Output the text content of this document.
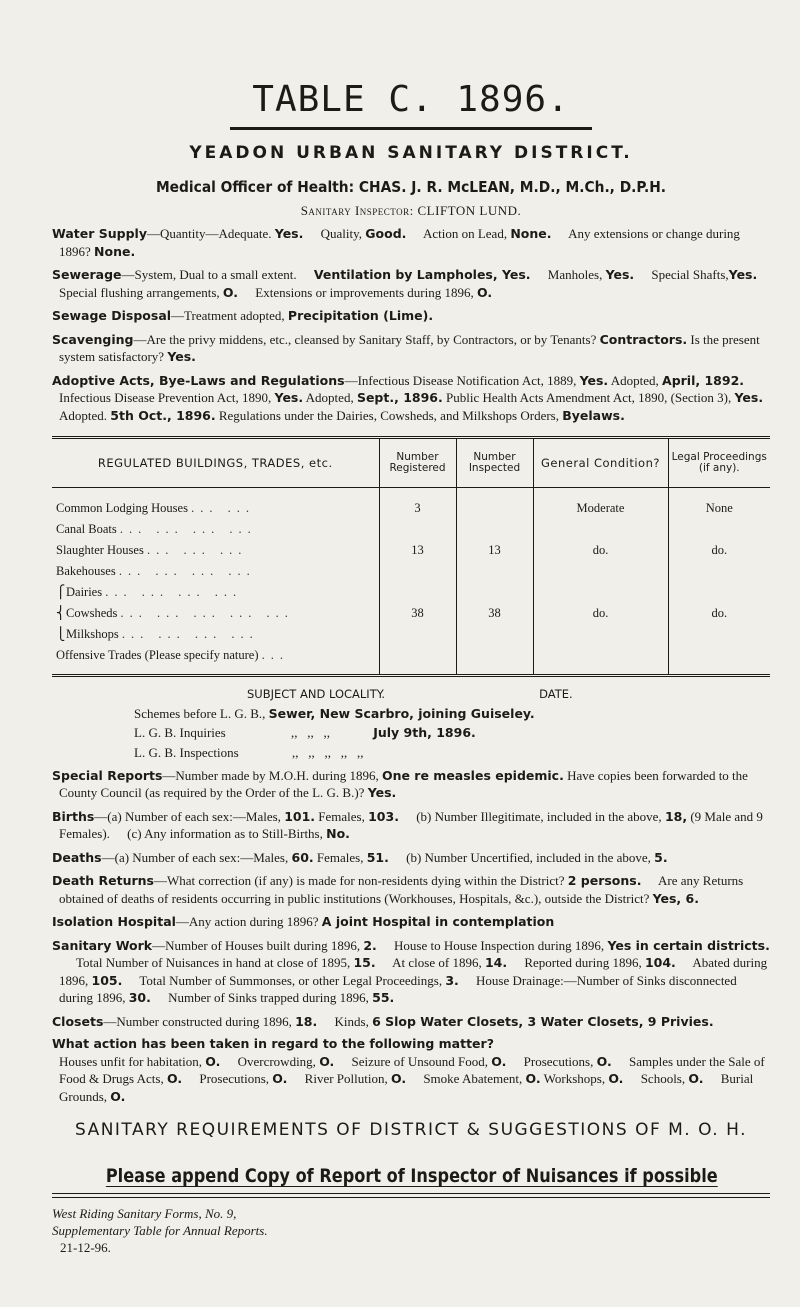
TABLE C. 1896.
YEADON URBAN SANITARY DISTRICT.
Medical Officer of Health: CHAS. J. R. McLEAN, M.D., M.Ch., D.P.H.
Sanitary Inspector: CLIFTON LUND.
Water Supply—Quantity—Adequate. Yes. Quality, Good. Action on Lead, None. Any extensions or change during 1896? None.
Sewerage—System, Dual to a small extent. Ventilation by Lampholes, Yes. Manholes, Yes. Special Shafts,Yes. Special flushing arrangements, O. Extensions or improvements during 1896, O.
Sewage Disposal—Treatment adopted, Precipitation (Lime).
Scavenging—Are the privy middens, etc., cleansed by Sanitary Staff, by Contractors, or by Tenants? Contractors. Is the present system satisfactory? Yes.
Adoptive Acts, Bye-Laws and Regulations—Infectious Disease Notification Act, 1889, Yes. Adopted, April, 1892. Infectious Disease Prevention Act, 1890, Yes. Adopted, Sept., 1896. Public Health Acts Amendment Act, 1890, (Section 3), Yes. Adopted. 5th Oct., 1896. Regulations under the Dairies, Cowsheds, and Milkshops Orders, Byelaws.
REGULATED BUILDINGS, TRADES, etc.	Number Registered	Number Inspected	General Condition?	Legal Proceedings (if any).
Common Lodging Houses ... ...	3		Moderate	None
Canal Boats ... ... ... ...				
Slaughter Houses ... ... ...	13	13	do.	do.
Bakehouses ... ... ... ...				
⎧Dairies ... ... ... ...				
⎨Cowsheds ... ... ... ... ...	38	38	do.	do.
⎩Milkshops ... ... ... ...				
Offensive Trades (Please specify nature) ...				
SUBJECT AND LOCALITY.	DATE.
Schemes before L. G. B., Sewer, New Scarbro, joining Guiseley.
L. G. B. Inquiries	,,   ,,   ,,	July 9th, 1896.
L. G. B. Inspections	,,   ,,   ,,   ,,   ,,
Special Reports—Number made by M.O.H. during 1896, One re measles epidemic. Have copies been forwarded to the County Council (as required by the Order of the L. G. B.)? Yes.
Births—(a) Number of each sex:—Males, 101. Females, 103. (b) Number Illegitimate, included in the above, 18, (9 Male and 9 Females). (c) Any information as to Still-Births, No.
Deaths—(a) Number of each sex:—Males, 60. Females, 51. (b) Number Uncertified, included in the above, 5.
Death Returns—What correction (if any) is made for non-residents dying within the District? 2 persons. Are any Returns obtained of deaths of residents occurring in public institutions (Workhouses, Hospitals, &c.), outside the District? Yes, 6.
Isolation Hospital—Any action during 1896? A joint Hospital in contemplation
Sanitary Work—Number of Houses built during 1896, 2. House to House Inspection during 1896, Yes in certain districts. Total Number of Nuisances in hand at close of 1895, 15. At close of 1896, 14. Reported during 1896, 104. Abated during 1896, 105. Total Number of Summonses, or other Legal Proceedings, 3. House Drainage:—Number of Sinks disconnected during 1896, 30. Number of Sinks trapped during 1896, 55.
Closets—Number constructed during 1896, 18. Kinds, 6 Slop Water Closets, 3 Water Closets, 9 Privies.
What action has been taken in regard to the following matter?
Houses unfit for habitation, O. Overcrowding, O. Seizure of Unsound Food, O. Prosecutions, O. Samples under the Sale of Food & Drugs Acts, O. Prosecutions, O. River Pollution, O. Smoke Abatement, O. Workshops, O. Schools, O. Burial Grounds, O.
SANITARY REQUIREMENTS OF DISTRICT & SUGGESTIONS OF M. O. H.
Please append Copy of Report of Inspector of Nuisances if possible
West Riding Sanitary Forms, No. 9,
Supplementary Table for Annual Reports.
21-12-96.
